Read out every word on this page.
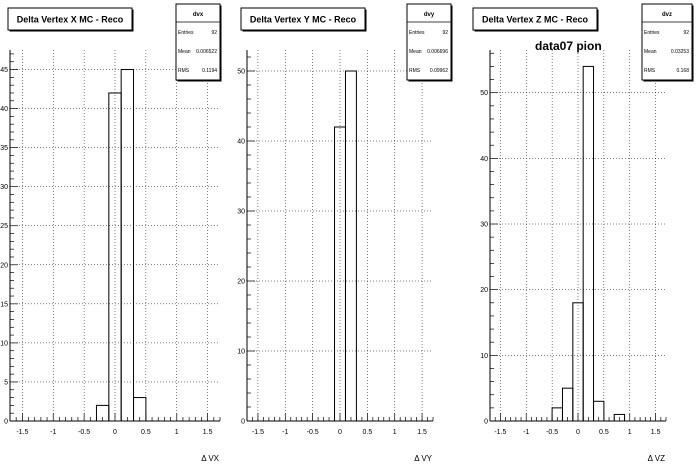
-1.5	-1	-0.5	0	0.5	1	1.5
0
5
10
15
20
25
30
35
40
45
Δ VX
Delta Vertex X MC - Reco	dvx
Entries	92
Mean 0.006522
RMS	0.1194
-1.5	-1	-0.5	0	0.5	1	1.5
0
10
20
30
40
50
Δ VY
Delta Vertex Y MC - Reco	dvy
Entries	92
Mean 0.006696
RMS 0.09962
-1.5 -1 -0.5	0	0.5	1	1.5
0
10
20
30
40
50
Δ VZ
Delta Vertex Z MC - Reco	dvz
Entries	92
Mean	0.03253
RMS	0.168
data07 pion
